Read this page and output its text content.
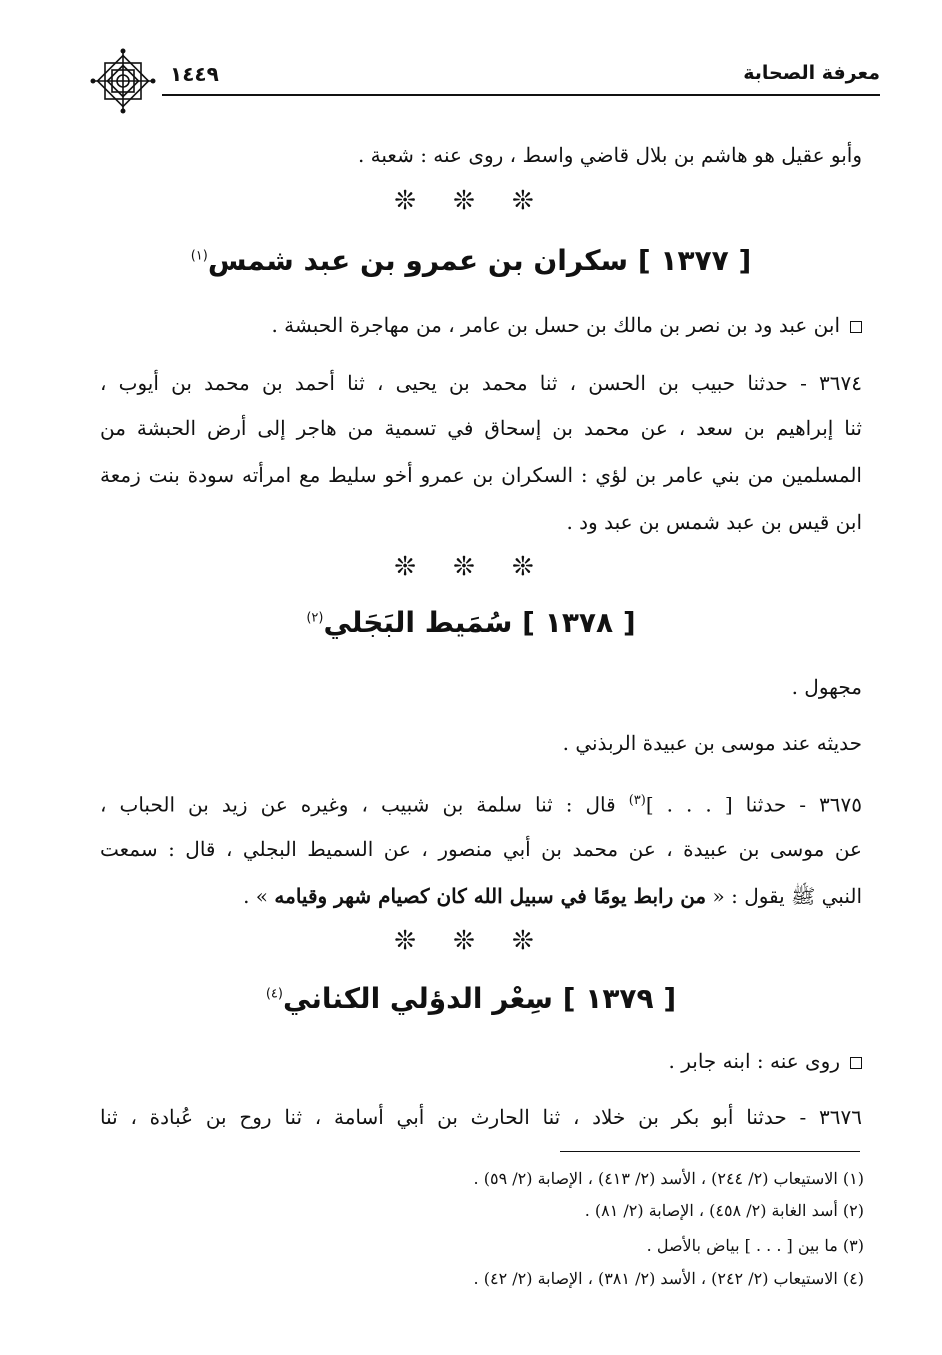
١٤٤٩	معرفة الصحابة
وأبو عقيل هو هاشم بن بلال قاضي واسط ، روى عنه : شعبة .
❊ ❊ ❊
[ ١٣٧٧ ] سكران بن عمرو بن عبد شمس$^{(١)}$
ابن عبد ود بن نصر بن مالك بن حسل بن عامر ، من مهاجرة الحبشة .
٣٦٧٤ - حدثنا حبيب بن الحسن ، ثنا محمد بن يحيى ، ثنا أحمد بن محمد بن أيوب ،
ثنا إبراهيم بن سعد ، عن محمد بن إسحاق في تسمية من هاجر إلى أرض الحبشة من
المسلمين من بني عامر بن لؤي : السكران بن عمرو أخو سليط مع امرأته سودة بنت زمعة
ابن قيس بن عبد شمس بن عبد ود .
❊ ❊ ❊
[ ١٣٧٨ ] سُمَيط البَجَلي$^{(٢)}$
مجهول .
حديثه عند موسى بن عبيدة الربذني .
٣٦٧٥ - حدثنا [ . . . ]$^{(٣)}$ قال : ثنا سلمة بن شبيب ، وغيره عن زيد بن الحباب ،
عن موسى بن عبيدة ، عن محمد بن أبي منصور ، عن السميط البجلي ، قال : سمعت
النبي ﷺ يقول : « من رابط يومًا في سبيل الله كان كصيام شهر وقيامه » .
❊ ❊ ❊
[ ١٣٧٩ ] سِعْر الدؤلي الكناني$^{(٤)}$
روى عنه : ابنه جابر .
٣٦٧٦ - حدثنا أبو بكر بن خلاد ، ثنا الحارث بن أبي أسامة ، ثنا روح بن عُبادة ، ثنا
(١) الاستيعاب (٢/ ٢٤٤) ، الأسد (٢/ ٤١٣) ، الإصابة (٢/ ٥٩) .
(٢) أسد الغابة (٢/ ٤٥٨) ، الإصابة (٢/ ٨١) .
(٣) ما بين [ . . . ] بياض بالأصل .
(٤) الاستيعاب (٢/ ٢٤٢) ، الأسد (٢/ ٣٨١) ، الإصابة (٢/ ٤٢) .
